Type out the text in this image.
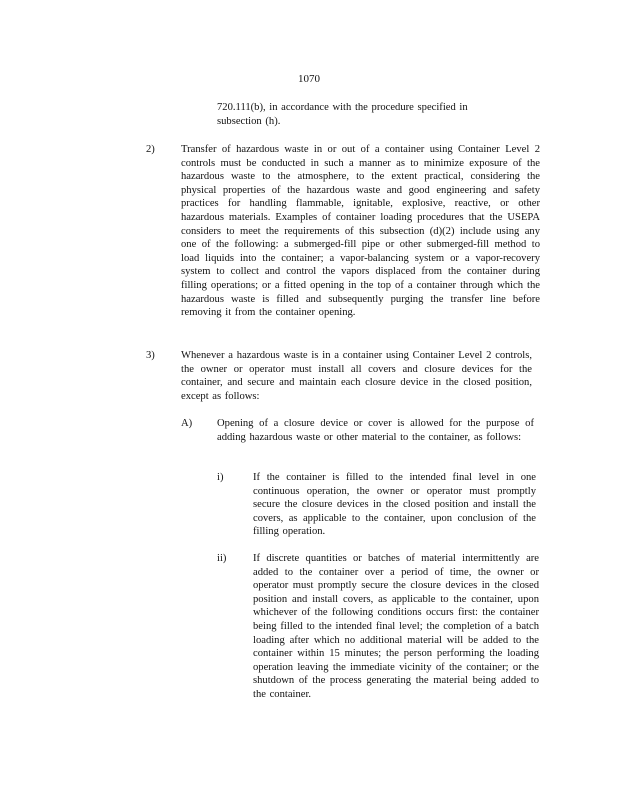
1070
720.111(b), in accordance with the procedure specified in subsection (h).
2) Transfer of hazardous waste in or out of a container using Container Level 2 controls must be conducted in such a manner as to minimize exposure of the hazardous waste to the atmosphere, to the extent practical, considering the physical properties of the hazardous waste and good engineering and safety practices for handling flammable, ignitable, explosive, reactive, or other hazardous materials. Examples of container loading procedures that the USEPA considers to meet the requirements of this subsection (d)(2) include using any one of the following: a submerged-fill pipe or other submerged-fill method to load liquids into the container; a vapor-balancing system or a vapor-recovery system to collect and control the vapors displaced from the container during filling operations; or a fitted opening in the top of a container through which the hazardous waste is filled and subsequently purging the transfer line before removing it from the container opening.
3) Whenever a hazardous waste is in a container using Container Level 2 controls, the owner or operator must install all covers and closure devices for the container, and secure and maintain each closure device in the closed position, except as follows:
A) Opening of a closure device or cover is allowed for the purpose of adding hazardous waste or other material to the container, as follows:
i)	If the container is filled to the intended final level in one continuous operation, the owner or operator must promptly secure the closure devices in the closed position and install the covers, as applicable to the container, upon conclusion of the filling operation.
ii)	If discrete quantities or batches of material intermittently are added to the container over a period of time, the owner or operator must promptly secure the closure devices in the closed position and install covers, as applicable to the container, upon whichever of the following conditions occurs first: the container being filled to the intended final level; the completion of a batch loading after which no additional material will be added to the container within 15 minutes; the person performing the loading operation leaving the immediate vicinity of the container; or the shutdown of the process generating the material being added to the container.
